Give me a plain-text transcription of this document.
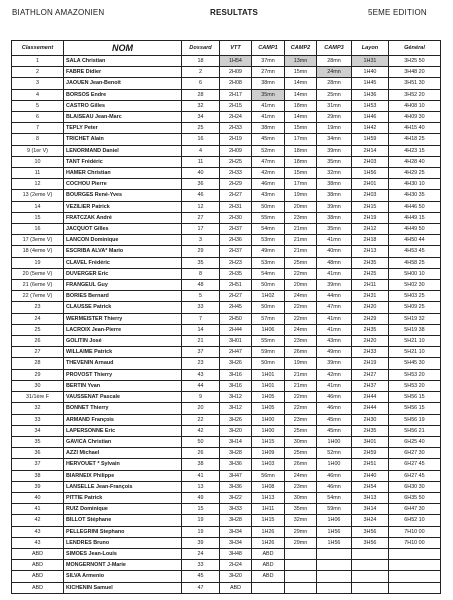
BIATHLON AMAZONIEN	RESULTATS	5EME EDITION
Classement	NOM	Dossard	VTT	CAMP1	CAMP2	CAMP3	Layon	Général
1	SALA Christian	18	1H54	37mn	13mn	28mn	1H31	3H25 50
2	FABRE Didier	2	2H09	27mn	15mn	24mn	1H40	3H48 20
3	JAOUEN Jean-Benoit	6	2H08	38mn	14mn	28mn	1H45	3H51 30
4	BORSOS Endre	28	2H17	35mn	14mn	25mn	1H36	3H52 20
5	CASTRO Gilles	32	2H15	41mn	18mn	31mn	1H53	4H08 10
6	BLAISEAU Jean-Marc	34	2H24	41mn	14mn	29mn	1H46	4H09 30
7	TEPLY Peter	25	2H33	38mn	15mn	19mn	1H42	4H15 40
8	TRICHET Alain	16	2H19	45mn	17mn	34mn	1H59	4H18 25
9 (1er V)	LENORMAND Daniel	4	2H09	52mn	18mn	39mn	2H14	4H23 15
10	TANT Frédéric	11	2H25	47mn	18mn	35mn	2H03	4H28 40
11	HAMER Christian	40	2H33	42mn	15mn	32mn	1H56	4H29 25
12	COCHOU Pierre	36	2H29	46mn	17mn	38mn	2H01	4H30 10
13 (2eme V)	BOURGES René-Yves	46	2H27	43mn	19mn	38mn	2H03	4H30 35
14	VEZILIER Patrick	12	2H31	50mn	20mn	39mn	2H15	4H46 50
15	FRATCZAK André	27	2H30	55mn	23mn	38mn	2H19	4H49 15
16	JACQUOT Gilles	17	2H37	54mn	21mn	35mn	2H12	4H49 50
17 (3eme V)	LANCON Dominique	3	2H36	53mn	21mn	41mn	2H18	4H50 44
18 (4eme V)	ESCRIBA ALVA* Mario	29	2H37	49mn	21mn	40mn	2H13	4H53 45
19	CLAVEL Frédéric	35	2H23	53mn	25mn	48mn	2H35	4H58 25
20 (5eme V)	DUVERGER Eric	8	2H35	54mn	22mn	41mn	2H25	5H00 10
21 (6eme V)	FRANGEUL Guy	48	2H51	50mn	20mn	39mn	2H11	5H02 30
22 (7eme V)	BORIES Bernard	5	2H27	1H02	24mn	44mn	2H31	5H03 25
23	CLAUSSE Patrick	33	2H45	50mn	22mn	47mn	2H20	5H09 25
24	WERMEISTER Thierry	7	2H50	57mn	22mn	41mn	2H29	5H19 32
25	LACROIX Jean-Pierre	14	2H44	1H06	24mn	41mn	2H35	5H19 38
26	GOLITIN José	21	3H01	55mn	23mn	43mn	2H20	5H21 10
27	WILLAIME Patrick	37	2H47	59mn	26mn	49mn	2H33	5H21 10
28	THEVENIN Arnaud	23	3H26	50mn	19mn	39mn	2H19	5H45 30
29	PROVOST Thierry	43	3H16	1H01	21mn	42mn	2H27	5H53 20
30	BERTIN Yvan	44	3H16	1H01	21mn	41mn	2H37	5H53 20
31/1ère F	VAUSSENAT Pascale	9	3H12	1H05	22mn	46mn	2H44	5H56 15
32	BONNET Thierry	20	3H12	1H05	22mn	46mn	2H44	5H56 15
33	ARMAND François	22	3H26	1H00	23mn	45mn	2H30	5H56 19
34	LAPERSONNE Eric	42	3H20	1H00	25mn	45mn	2H35	5H56 21
35	GAVICA Christian	50	3H14	1H15	30mn	1H00	3H01	6H25 40
36	AZZI Michael	26	3H28	1H09	25mn	52mn	2H59	6H27 30
37	HERVOUET * Sylvain	38	3H36	1H03	26mn	1H00	2H51	6H27 45
38	BIARNEIX Philippe	41	3H47	56mn	24mn	46mn	2H40	6H27 45
39	LANSELLE Jean-François	13	3H36	1H08	23mn	46mn	2H54	6H30 30
40	PITTIE Patrick	49	3H22	1H13	30mn	54mn	3H13	6H35 50
41	RUIZ Dominique	15	3H33	1H11	35mn	59mn	3H14	6H47 30
42	BILLOT Stéphane	19	3H28	1H15	32mn	1H06	3H24	6H52 10
43	PELLEGRINI Stephano	19	3H34	1H26	29mn	1H56	3H56	7H10 00
43	LENDRES Bruno	39	3H34	1H26	29mn	1H56	3H56	7H10 00
ABD	SIMOES Jean-Louis	24	3H48	ABD				
ABD	MONGERNONT J-Marie	33	2H24	ABD				
ABD	SILVA Armenio	45	3H20	ABD				
ABD	KICHENIN Samuel	47	ABD					
